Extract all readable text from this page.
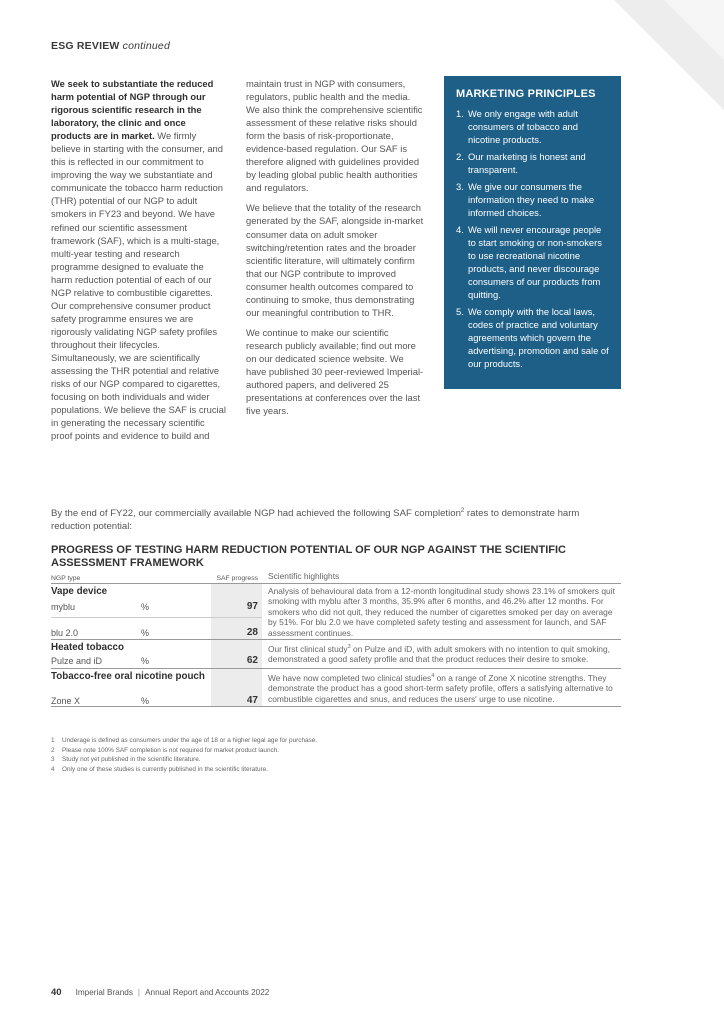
ESG REVIEW continued

We seek to substantiate the reduced harm potential of NGP through our rigorous scientific research in the laboratory, the clinic and once products are in market. We firmly believe in starting with the consumer, and this is reflected in our commitment to improving the way we substantiate and communicate the tobacco harm reduction (THR) potential of our NGP to adult smokers in FY23 and beyond. We have refined our scientific assessment framework (SAF), which is a multi-stage, multi-year testing and research programme designed to evaluate the harm reduction potential of each of our NGP relative to combustible cigarettes. Our comprehensive consumer product safety programme ensures we are rigorously validating NGP safety profiles throughout their lifecycles. Simultaneously, we are scientifically assessing the THR potential and relative risks of our NGP compared to cigarettes, focusing on both individuals and wider populations. We believe the SAF is crucial in generating the necessary scientific proof points and evidence to build and

maintain trust in NGP with consumers, regulators, public health and the media. We also think the comprehensive scientific assessment of these relative risks should form the basis of risk-proportionate, evidence-based regulation. Our SAF is therefore aligned with guidelines provided by leading global public health authorities and regulators.

We believe that the totality of the research generated by the SAF, alongside in-market consumer data on adult smoker switching/retention rates and the broader scientific literature, will ultimately confirm that our NGP contribute to improved consumer health outcomes compared to continuing to smoke, thus demonstrating our meaningful contribution to THR.

We continue to make our scientific research publicly available; find out more on our dedicated science website. We have published 30 peer-reviewed Imperial-authored papers, and delivered 25 presentations at conferences over the last five years.

MARKETING PRINCIPLES
1. We only engage with adult consumers of tobacco and nicotine products.
2. Our marketing is honest and transparent.
3. We give our consumers the information they need to make informed choices.
4. We will never encourage people to start smoking or non-smokers to use recreational nicotine products, and never discourage consumers of our products from quitting.
5. We comply with the local laws, codes of practice and voluntary agreements which govern the advertising, promotion and sale of our products.
By the end of FY22, our commercially available NGP had achieved the following SAF completion$^2$ rates to demonstrate harm reduction potential:
PROGRESS OF TESTING HARM REDUCTION POTENTIAL OF OUR NGP AGAINST THE SCIENTIFIC ASSESSMENT FRAMEWORK
NGP type		SAF progress	Scientific highlights
Vape device			Analysis of behavioural data from a 12-month longitudinal study shows 23.1% of smokers quit smoking with myblu after 3 months, 35.9% after 6 months, and 46.2% after 12 months. For smokers who did not quit, they reduced the number of cigarettes smoked per day on average by 51%. For blu 2.0 we have completed safety testing and assessment for launch, and SAF assessment continues.
myblu	%	97	
blu 2.0	%	28	
Heated tobacco			Our first clinical study$^3$ on Pulze and iD, with adult smokers with no intention to quit smoking, demonstrated a good safety profile and that the product reduces their desire to smoke.
Pulze and iD	%	62	
Tobacco-free oral nicotine pouch			We have now completed two clinical studies$^4$ on a range of Zone X nicotine strengths. They demonstrate the product has a good short-term safety profile, offers a satisfying alternative to combustible cigarettes and snus, and reduces the users' urge to use nicotine.
Zone X	%	47	
1	Underage is defined as consumers under the age of 18 or a higher legal age for purchase.
2	Please note 100% SAF completion is not required for market product launch.
3	Study not yet published in the scientific literature.
4	Only one of these studies is currently published in the scientific literature.
40 Imperial Brands | Annual Report and Accounts 2022
